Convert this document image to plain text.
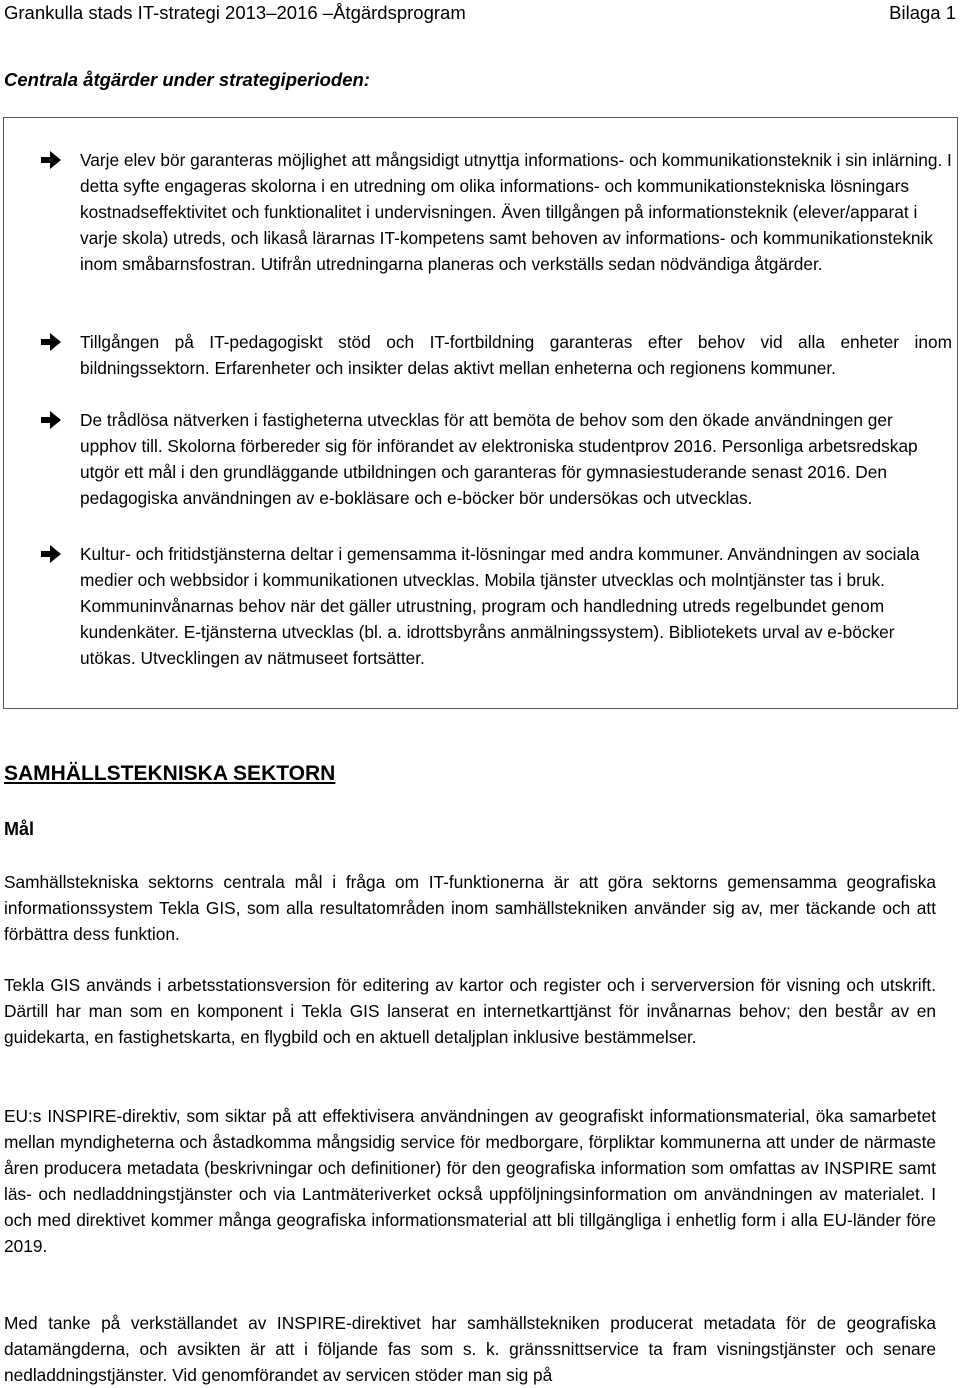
Grankulla stads IT-strategi 2013–2016 –Åtgärdsprogram	Bilaga 1
Centrala åtgärder under strategiperioden:
Varje elev bör garanteras möjlighet att mångsidigt utnyttja informations- och kommunikationsteknik i sin inlärning. I detta syfte engageras skolorna i en utredning om olika informations- och kommunikationstekniska lösningars kostnadseffektivitet och funktionalitet i undervisningen. Även tillgången på informationsteknik (elever/apparat i varje skola) utreds, och likaså lärarnas IT-kompetens samt behoven av informations- och kommunikationsteknik inom småbarnsfostran. Utifrån utredningarna planeras och verkställs sedan nödvändiga åtgärder.
Tillgången på IT-pedagogiskt stöd och IT-fortbildning garanteras efter behov vid alla enheter inom bildningssektorn. Erfarenheter och insikter delas aktivt mellan enheterna och regionens kommuner.
De trådlösa nätverken i fastigheterna utvecklas för att bemöta de behov som den ökade användningen ger upphov till. Skolorna förbereder sig för införandet av elektroniska studentprov 2016. Personliga arbetsredskap utgör ett mål i den grundläggande utbildningen och garanteras för gymnasiestuderande senast 2016. Den pedagogiska användningen av e-bokläsare och e-böcker bör undersökas och utvecklas.
Kultur- och fritidstjänsterna deltar i gemensamma it-lösningar med andra kommuner. Användningen av sociala medier och webbsidor i kommunikationen utvecklas. Mobila tjänster utvecklas och molntjänster tas i bruk. Kommuninvånarnas behov när det gäller utrustning, program och handledning utreds regelbundet genom kundenkäter. E-tjänsterna utvecklas (bl. a. idrottsbyråns anmälningssystem). Bibliotekets urval av e-böcker utökas. Utvecklingen av nätmuseet fortsätter.
SAMHÄLLSTEKNISKA SEKTORN
Mål
Samhällstekniska sektorns centrala mål i fråga om IT-funktionerna är att göra sektorns gemensamma geografiska informationssystem Tekla GIS, som alla resultatområden inom samhällstekniken använder sig av, mer täckande och att förbättra dess funktion.
Tekla GIS används i arbetsstationsversion för editering av kartor och register och i serverversion för visning och utskrift. Därtill har man som en komponent i Tekla GIS lanserat en internetkarttjänst för invånarnas behov; den består av en guidekarta, en fastighetskarta, en flygbild och en aktuell detaljplan inklusive bestämmelser.
EU:s INSPIRE-direktiv, som siktar på att effektivisera användningen av geografiskt informationsmaterial, öka samarbetet mellan myndigheterna och åstadkomma mångsidig service för medborgare, förpliktar kommunerna att under de närmaste åren producera metadata (beskrivningar och definitioner) för den geografiska information som omfattas av INSPIRE samt läs- och nedladdningstjänster och via Lantmäteriverket också uppföljningsinformation om användningen av materialet. I och med direktivet kommer många geografiska informationsmaterial att bli tillgängliga i enhetlig form i alla EU-länder före 2019.
Med tanke på verkställandet av INSPIRE-direktivet har samhällstekniken producerat metadata för de geografiska datamängderna, och avsikten är att i följande fas som s. k. gränssnittservice ta fram visningstjänster och senare nedladdningstjänster. Vid genomförandet av servicen stöder man sig på
